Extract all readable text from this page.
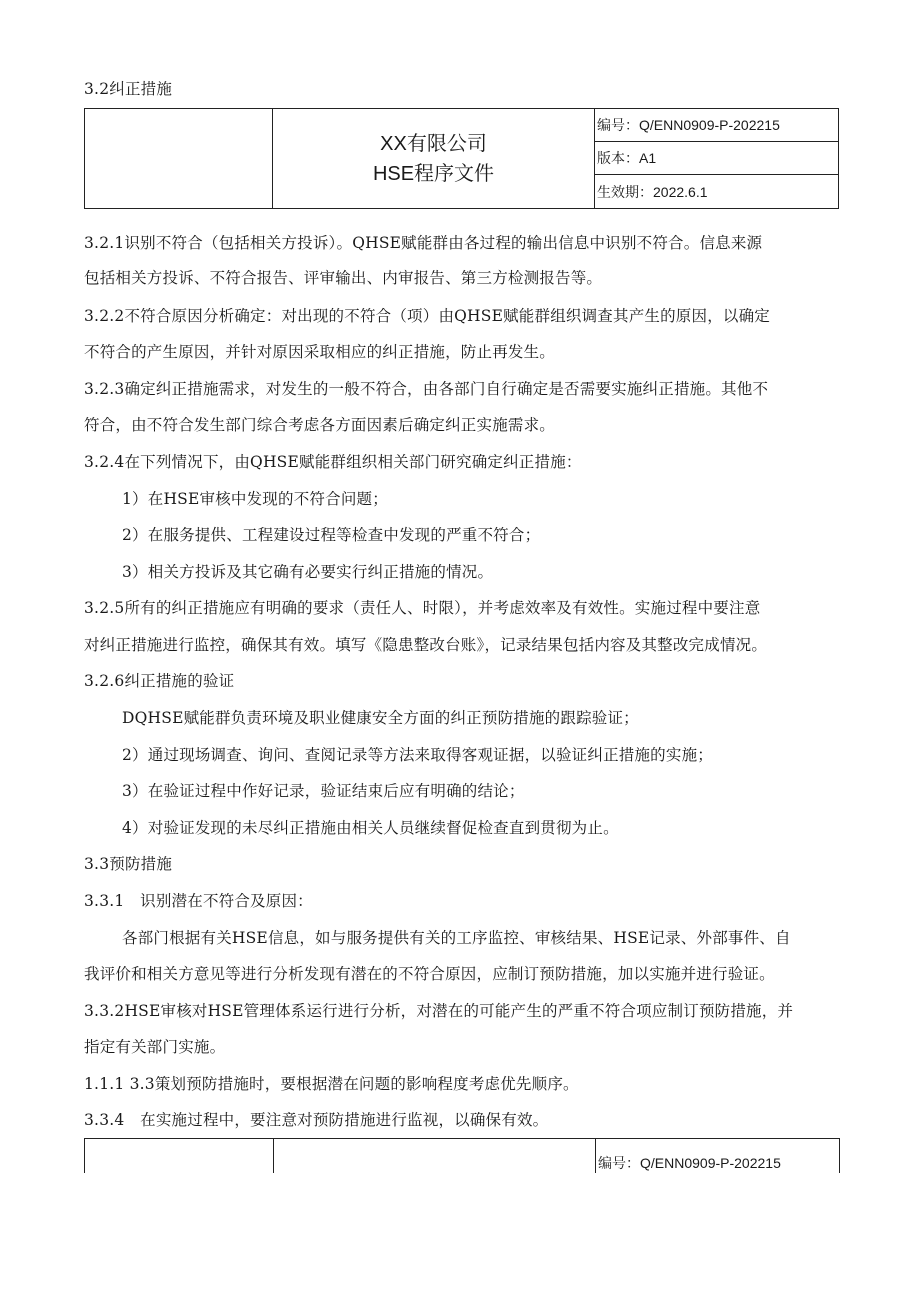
3.2纠正措施

XX有限公司
HSE程序文件
	编号：Q/ENN0909-P-202215
版本：A1
生效期：2022.6.1
3.2.1识别不符合（包括相关方投诉）。QHSE赋能群由各过程的输出信息中识别不符合。信息来源
包括相关方投诉、不符合报告、评审输出、内审报告、第三方检测报告等。
3.2.2不符合原因分析确定：对出现的不符合（项）由QHSE赋能群组织调查其产生的原因，以确定
不符合的产生原因，并针对原因采取相应的纠正措施，防止再发生。
3.2.3确定纠正措施需求，对发生的一般不符合，由各部门自行确定是否需要实施纠正措施。其他不
符合，由不符合发生部门综合考虑各方面因素后确定纠正实施需求。
3.2.4在下列情况下，由QHSE赋能群组织相关部门研究确定纠正措施：
1）在HSE审核中发现的不符合问题；
2）在服务提供、工程建设过程等检查中发现的严重不符合；
3）相关方投诉及其它确有必要实行纠正措施的情况。
3.2.5所有的纠正措施应有明确的要求（责任人、时限），并考虑效率及有效性。实施过程中要注意
对纠正措施进行监控，确保其有效。填写《隐患整改台账》，记录结果包括内容及其整改完成情况。
3.2.6纠正措施的验证
DQHSE赋能群负责环境及职业健康安全方面的纠正预防措施的跟踪验证；
2）通过现场调查、询问、查阅记录等方法来取得客观证据，以验证纠正措施的实施；
3）在验证过程中作好记录，验证结束后应有明确的结论；
4）对验证发现的未尽纠正措施由相关人员继续督促检查直到贯彻为止。
3.3预防措施
3.3.1　识别潜在不符合及原因：
各部门根据有关HSE信息，如与服务提供有关的工序监控、审核结果、HSE记录、外部事件、自
我评价和相关方意见等进行分析发现有潜在的不符合原因，应制订预防措施，加以实施并进行验证。
3.3.2HSE审核对HSE管理体系运行进行分析，对潜在的可能产生的严重不符合项应制订预防措施，并
指定有关部门实施。
1.1.1 3.3策划预防措施时，要根据潜在问题的影响程度考虑优先顺序。
3.3.4　在实施过程中，要注意对预防措施进行监视，以确保有效。
编号：Q/ENN0909-P-202215
